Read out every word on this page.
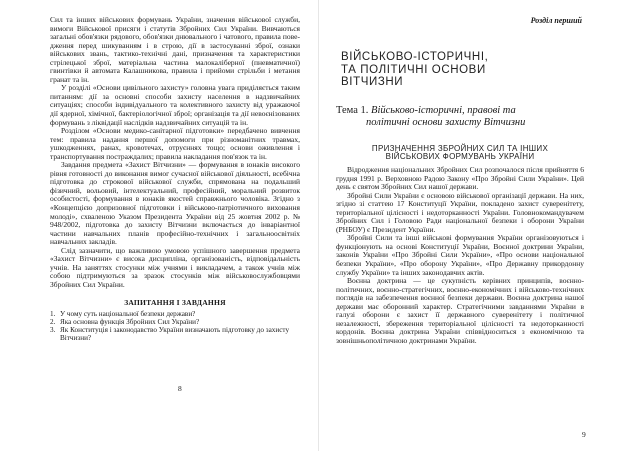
Сил та інших військових формувань України, значення військової служби, вимоги Військової присяги і статутів Збройних Сил України. Вивчаються загальні обов'язки рядового, обов'язки днювального і чатового, правила поведження перед шикуванням і в строю, дії в застосуванні зброї, ознаки військових звань, тактико-технічні дані, призначення та характеристики стрілецької зброї, матеріальна частина малокаліберної (пневматичної) гвинтівки й автомата Калашникова, правила і прийоми стрільби і метання гранат та ін.

У розділі «Основи цивільного захисту» головна увага приділяється таким питанням: дії за основні способи захисту населення в надзвичайних ситуаціях; способи індивідуального та колективного захисту від уражаючої дії ядерної, хімічної, бактеріологічної зброї; організація та дії невоєнізованих формувань з ліквідації наслідків надзвичайних ситуацій та ін.

Розділом «Основи медико-санітарної підготовки» передбачено вивчення тем: правила надання першої допомоги при різноманітних травмах, ушкодженнях, ранах, кровотечах, отруєннях тощо; основи оживлення і транспортування постраждалих; правила накладання пов'язок та ін.

Завдання предмета «Захист Вітчизни» — формування в юнаків високого рівня готовності до виконання вимог сучасної військової діяльності, всебічна підготовка до строкової військової служби, спрямована на подальший фізичний, вольовий, інтелектуальний, професійний, моральний розвиток особистості, формування в юнаків якостей справжнього чоловіка. Згідно з «Концепцією допризовної підготовки і військово-патріотичного виховання молоді», схваленою Указом Президента України від 25 жовтня 2002 р. № 948/2002, підготовка до захисту Вітчизни включається до інваріантної частини навчальних планів професійно-технічних і загальноосвітніх навчальних закладів.

Слід зазначити, що важливою умовою успішного завершення предмета «Захист Вітчизни» є висока дисципліна, організованість, відповідальність учнів. На заняттях стосунки між учнями і викладачем, а також учнів між собою підтримуються за зразок стосунків між військовослужбовцями Збройних Сил України.

ЗАПИТАННЯ І ЗАВДАННЯ
1. У чому суть національної безпеки держави?
2. Яка основна функція Збройних Сил України?
3. Як Конституція і законодавство України визначають підготовку до захисту Вітчизни?
8
Розділ перший
ВІЙСЬКОВО-ІСТОРИЧНІ,
ТА ПОЛІТИЧНІ ОСНОВИ
ВІТЧИЗНИ
Тема 1. Військово-історичні, правові та
політичні основи захисту Вітчизни
ПРИЗНАЧЕННЯ ЗБРОЙНИХ СИЛ ТА ІНШИХ
ВІЙСЬКОВИХ ФОРМУВАНЬ УКРАЇНИ

Відродження національних Збройних Сил розпочалося після прийняття 6 грудня 1991 р. Верховною Радою Закону «Про Збройні Сили України». Цей день є святом Збройних Сил нашої держави.

Збройні Сили України є основою військової організації держави. На них, згідно зі статтею 17 Конституції України, покладено захист суверенітету, територіальної цілісності і недоторканності України. Головнокомандувачем Збройних Сил і Головою Ради національної безпеки і оборони України (РНБОУ) є Президент України.

Збройні Сили та інші військові формування України організовуються і функціонують на основі Конституції України, Воєнної доктрини України, законів України «Про Збройні Сили України», «Про основи національної безпеки України», «Про оборону України», «Про Державну прикордонну службу України» та інших законодавчих актів.

Воєнна доктрина — це сукупність керівних принципів, воєнно-політичних, воєнно-стратегічних, воєнно-економічних і військово-технічних поглядів на забезпечення воєнної безпеки держави. Воєнна доктрина нашої держави має оборонний характер. Стратегічними завданнями України в галузі оборони є захист її державного суверенітету і політичної незалежності, збереження територіальної цілісності та недоторканності кордонів. Воєнна доктрина України співвідноситься з економічною та зовнішньополітичною доктринами України.

9
